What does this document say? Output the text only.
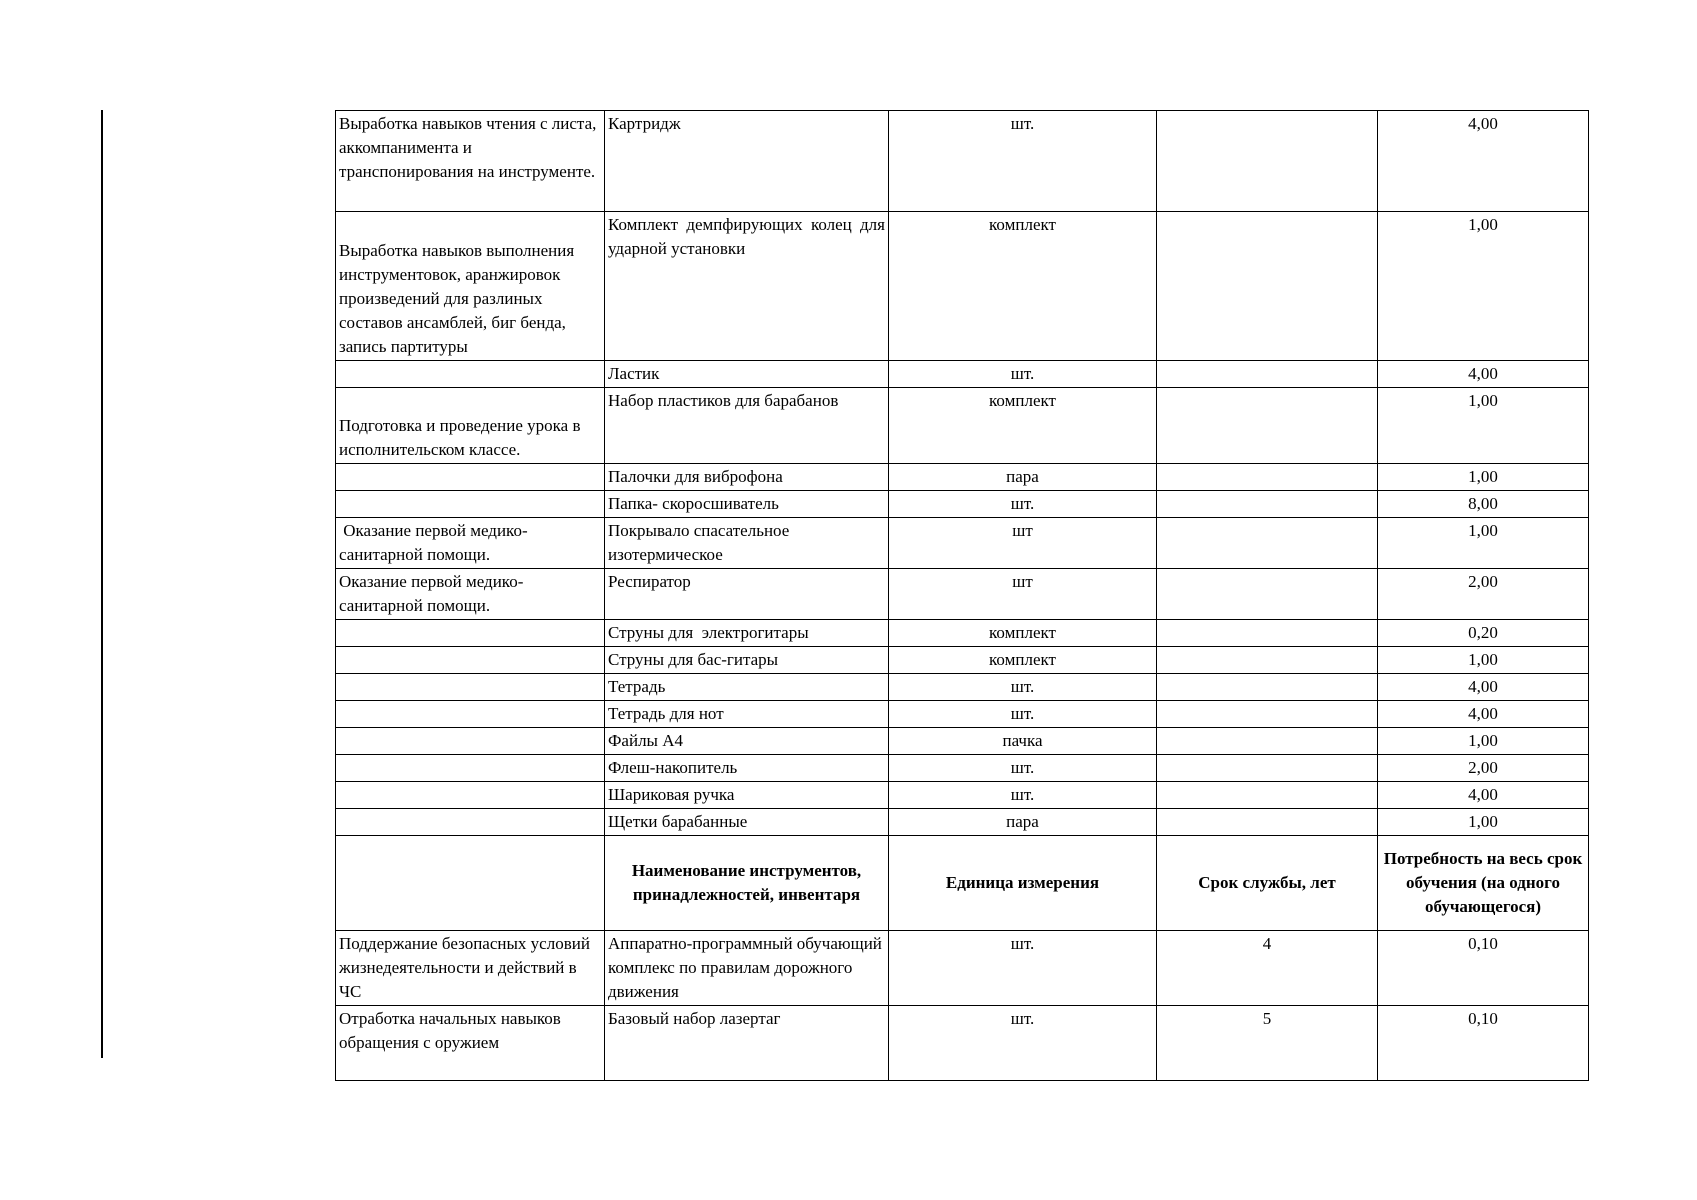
Выработка навыков чтения с листа, аккомпанимента и транспонирования на инструменте.	Картридж	шт.		4,00
Выработка навыков выполнения инструментовок, аранжировок произведений для разлиных составов ансамблей, биг бенда, запись партитуры	Комплект демпфирующих колец для ударной установки	комплект		1,00
	Ластик	шт.		4,00
Подготовка и проведение урока в исполнительском классе.	Набор пластиков для барабанов	комплект		1,00
	Палочки для виброфона	пара		1,00
	Папка- скоросшиватель	шт.		8,00
Оказание первой медико-санитарной помощи.	Покрывало спасательное изотермическое	шт		1,00
Оказание первой медико-санитарной помощи.	Респиратор	шт		2,00
	Струны для  электрогитары	комплект		0,20
	Струны для бас-гитары	комплект		1,00
	Тетрадь	шт.		4,00
	Тетрадь для нот	шт.		4,00
	Файлы А4	пачка		1,00
	Флеш-накопитель	шт.		2,00
	Шариковая ручка	шт.		4,00
	Щетки барабанные	пара		1,00
	Наименование инструментов, принадлежностей, инвентаря	Единица измерения	Срок службы, лет	Потребность на весь срок обучения (на одного обучающегося)
Поддержание безопасных условий жизнедеятельности и действий в ЧС	Аппаратно-программный обучающий комплекс по правилам дорожного движения	шт.	4	0,10
Отработка начальных навыков обращения с оружием	Базовый набор лазертаг	шт.	5	0,10
